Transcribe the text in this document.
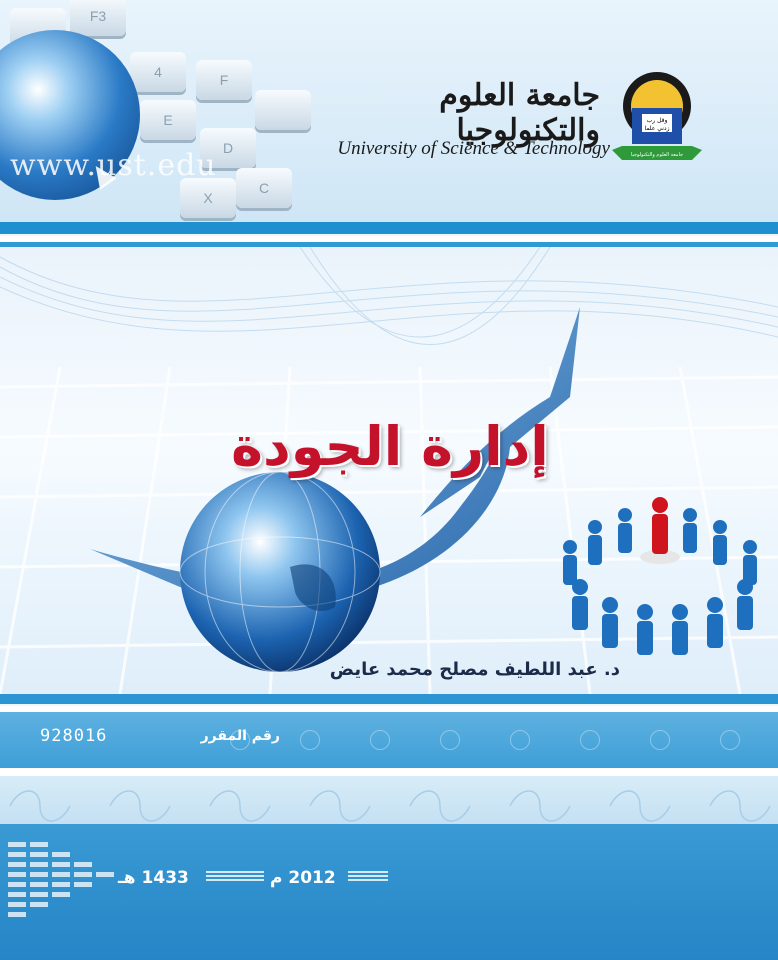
F3
4
E
D
C
X
F
www.ust.edu
جامعة العلوم والتكنولوجيا
University of Science & Technology
وقل رب
زدني علما
جامعة العلوم والتكنولوجيا
إدارة الجودة
د. عبد اللطيف مصلح محمد عايض
رقم المقرر
928016
2012 م
1433 هـ
